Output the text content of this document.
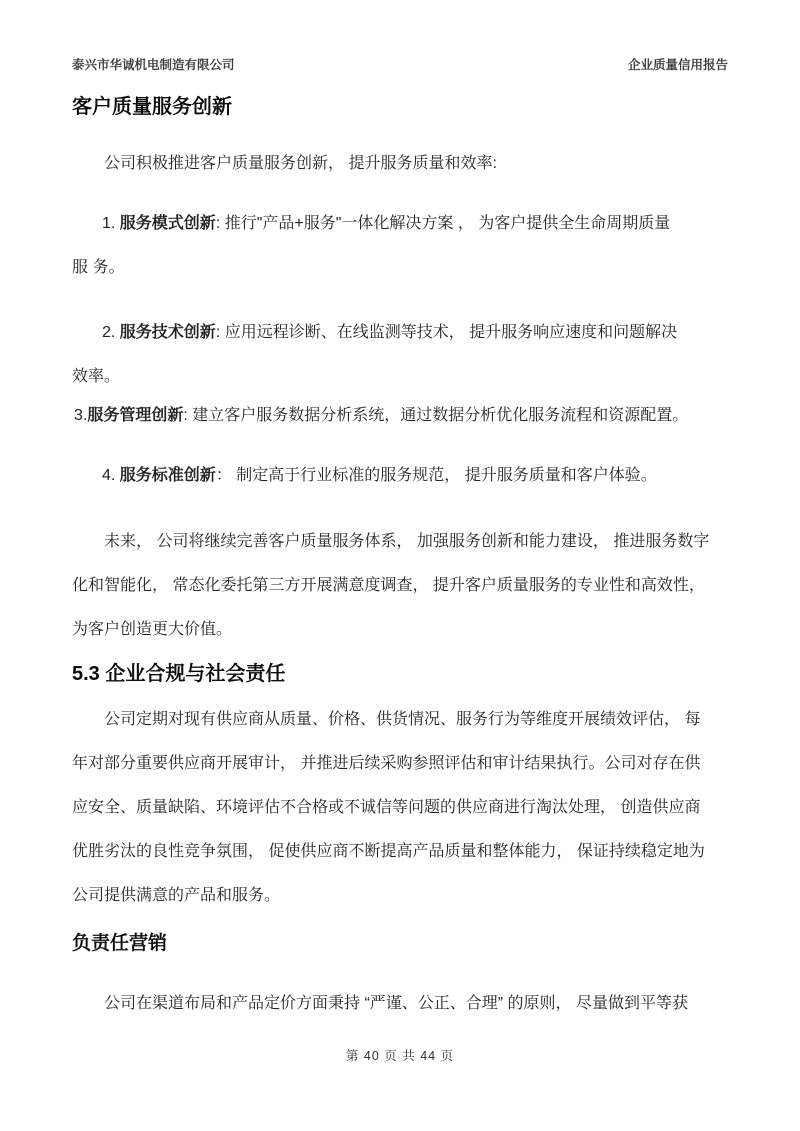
泰兴市华诚机电制造有限公司	企业质量信用报告
客户质量服务创新
公司积极推进客户质量服务创新， 提升服务质量和效率:
1. 服务模式创新: 推行"产品+服务"一体化解决方案 ， 为客户提供全生命周期质量
服 务。
2. 服务技术创新: 应用远程诊断、在线监测等技术， 提升服务响应速度和问题解决
效率。
3.服务管理创新: 建立客户服务数据分析系统，通过数据分析优化服务流程和资源配置。
4. 服务标准创新： 制定高于行业标准的服务规范， 提升服务质量和客户体验。
未来， 公司将继续完善客户质量服务体系， 加强服务创新和能力建设， 推进服务数字
化和智能化， 常态化委托第三方开展满意度调查， 提升客户质量服务的专业性和高效性，
为客户创造更大价值。
5.3 企业合规与社会责任
公司定期对现有供应商从质量、价格、供货情况、服务行为等维度开展绩效评估， 每
年对部分重要供应商开展审计， 并推进后续采购参照评估和审计结果执行。公司对存在供
应安全、质量缺陷、环境评估不合格或不诚信等问题的供应商进行淘汰处理， 创造供应商
优胜劣汰的良性竞争氛围， 促使供应商不断提高产品质量和整体能力， 保证持续稳定地为
公司提供满意的产品和服务。
负责任营销
公司在渠道布局和产品定价方面秉持 “严谨、公正、合理” 的原则， 尽量做到平等获
第 40 页 共 44 页
